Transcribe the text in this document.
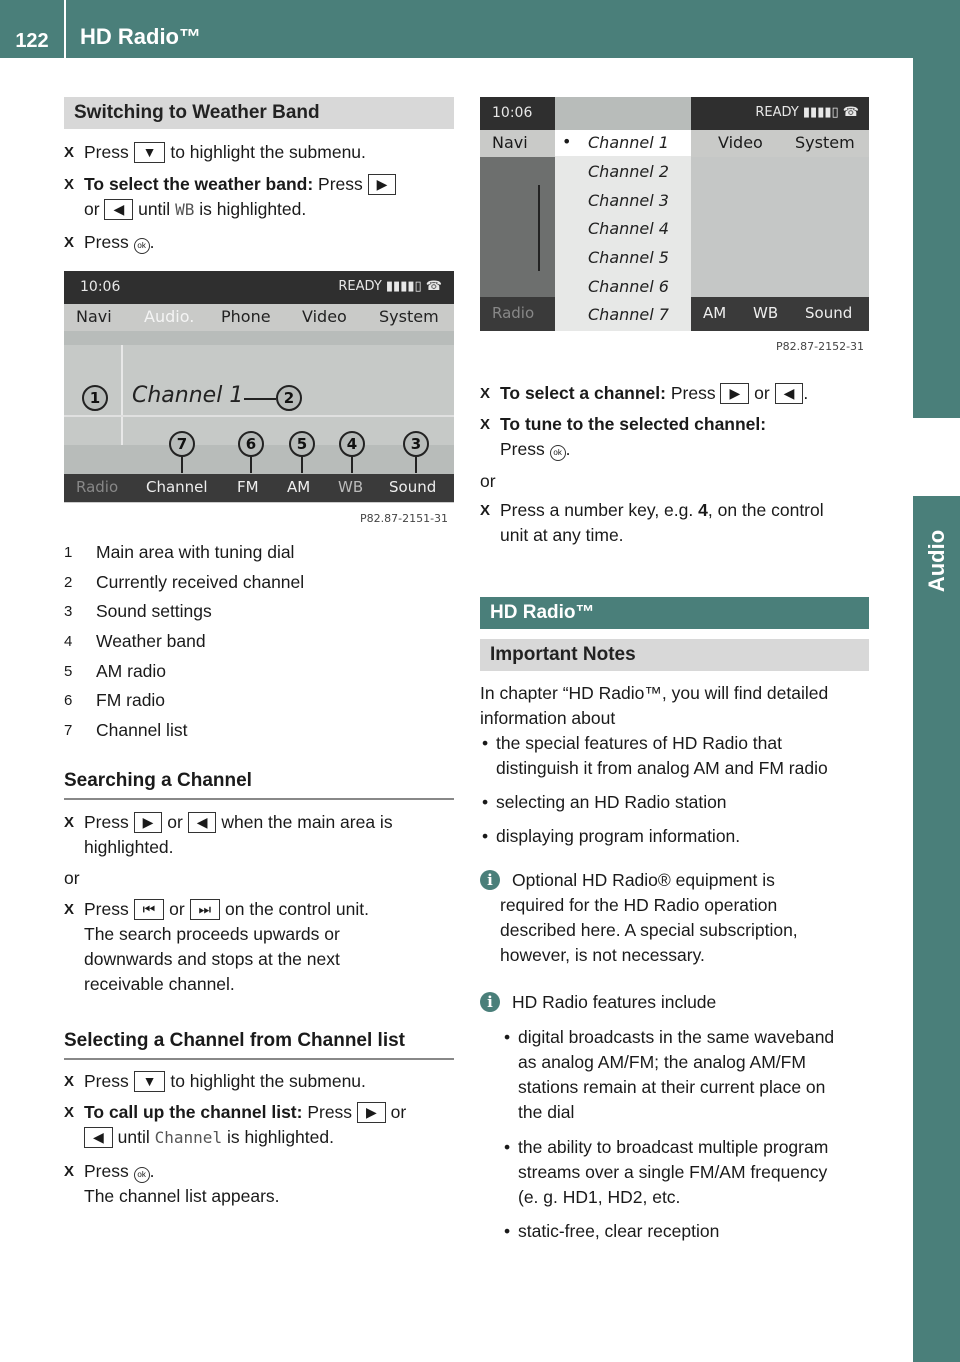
122	HD Radio™
Audio
Switching to Weather Band
X Press ▼ to highlight the submenu.
X To select the weather band: Press ▶
or ◀ until WB is highlighted.
X Press ok .
10:06	READY ▮▮▮▮▯ ☎
Navi Audio. Phone Video System
1	Channel 1	2
7	6	5	4	3
Radio Channel FM AM WB Sound
P82.87-2151-31
1 Main area with tuning dial
2 Currently received channel
3 Sound settings
4 Weather band
5 AM radio
6 FM radio
7 Channel list
Searching a Channel
X Press ▶ or ◀ when the main area is
highlighted.
or
X Press ⏮ or ⏭ on the control unit.
The search proceeds upwards or
downwards and stops at the next
receivable channel.
Selecting a Channel from Channel list
X Press ▼ to highlight the submenu.
X To call up the channel list: Press ▶ or
◀ until Channel is highlighted.
X Press ok .
The channel list appears.
10:06	READY ▮▮▮▮▯ ☎
Navi	Video System
• Channel 1
Channel 2
Channel 3
Channel 4
Channel 5
Channel 6
Channel 7
Radio	AM WB Sound
P82.87-2152-31
X To select a channel: Press ▶ or ◀ .
X To tune to the selected channel:
Press ok .
or
X Press a number key, e.g. 4, on the control
unit at any time.
HD Radio™
Important Notes
In chapter “HD Radio™, you will find detailed
information about
• the special features of HD Radio that
distinguish it from analog AM and FM radio
• selecting an HD Radio station
• displaying program information.
i	Optional HD Radio® equipment is
required for the HD Radio operation
described here. A special subscription,
however, is not necessary.
i	HD Radio features include
• digital broadcasts in the same waveband
as analog AM/FM; the analog AM/FM
stations remain at their current place on
the dial
• the ability to broadcast multiple program
streams over a single FM/AM frequency
(e. g. HD1, HD2, etc.
• static-free, clear reception
